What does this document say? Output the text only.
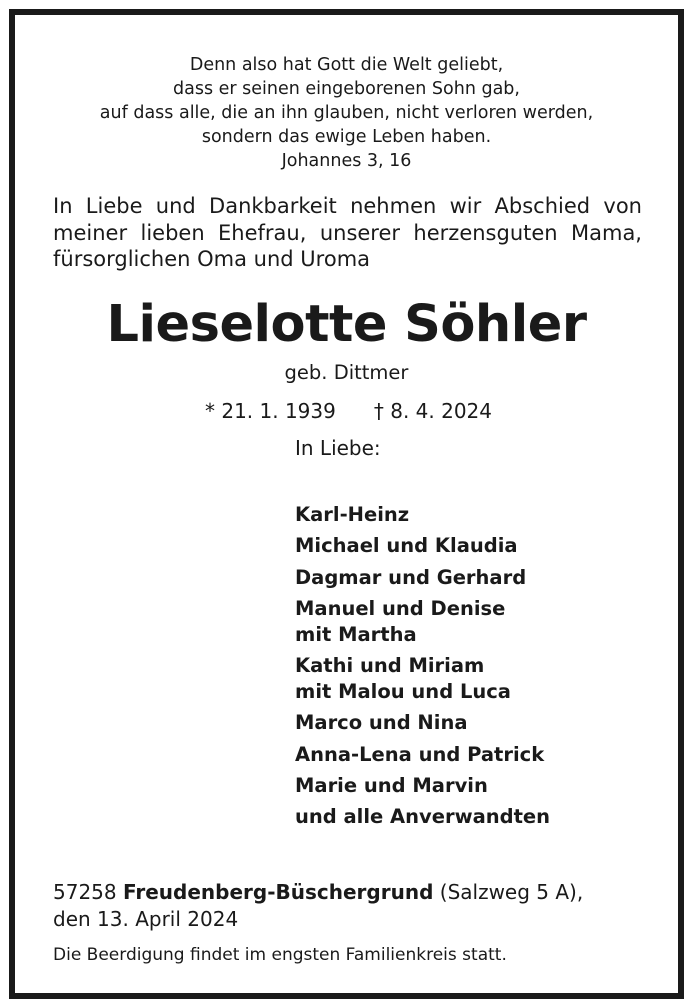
Denn also hat Gott die Welt geliebt,
dass er seinen eingeborenen Sohn gab,
auf dass alle, die an ihn glauben, nicht verloren werden,
sondern das ewige Leben haben.
Johannes 3, 16
In Liebe und Dankbarkeit nehmen wir Abschied von
meiner lieben Ehefrau, unserer herzensguten Mama,
fürsorglichen Oma und Uroma
Lieselotte Söhler
geb. Dittmer
* 21. 1. 1939 † 8. 4. 2024
In Liebe:
Karl-Heinz
Michael und Klaudia
Dagmar und Gerhard
Manuel und Denise
mit Martha
Kathi und Miriam
mit Malou und Luca
Marco und Nina
Anna-Lena und Patrick
Marie und Marvin
und alle Anverwandten
57258 Freudenberg-Büschergrund (Salzweg 5 A),
den 13. April 2024
Die Beerdigung findet im engsten Familienkreis statt.
